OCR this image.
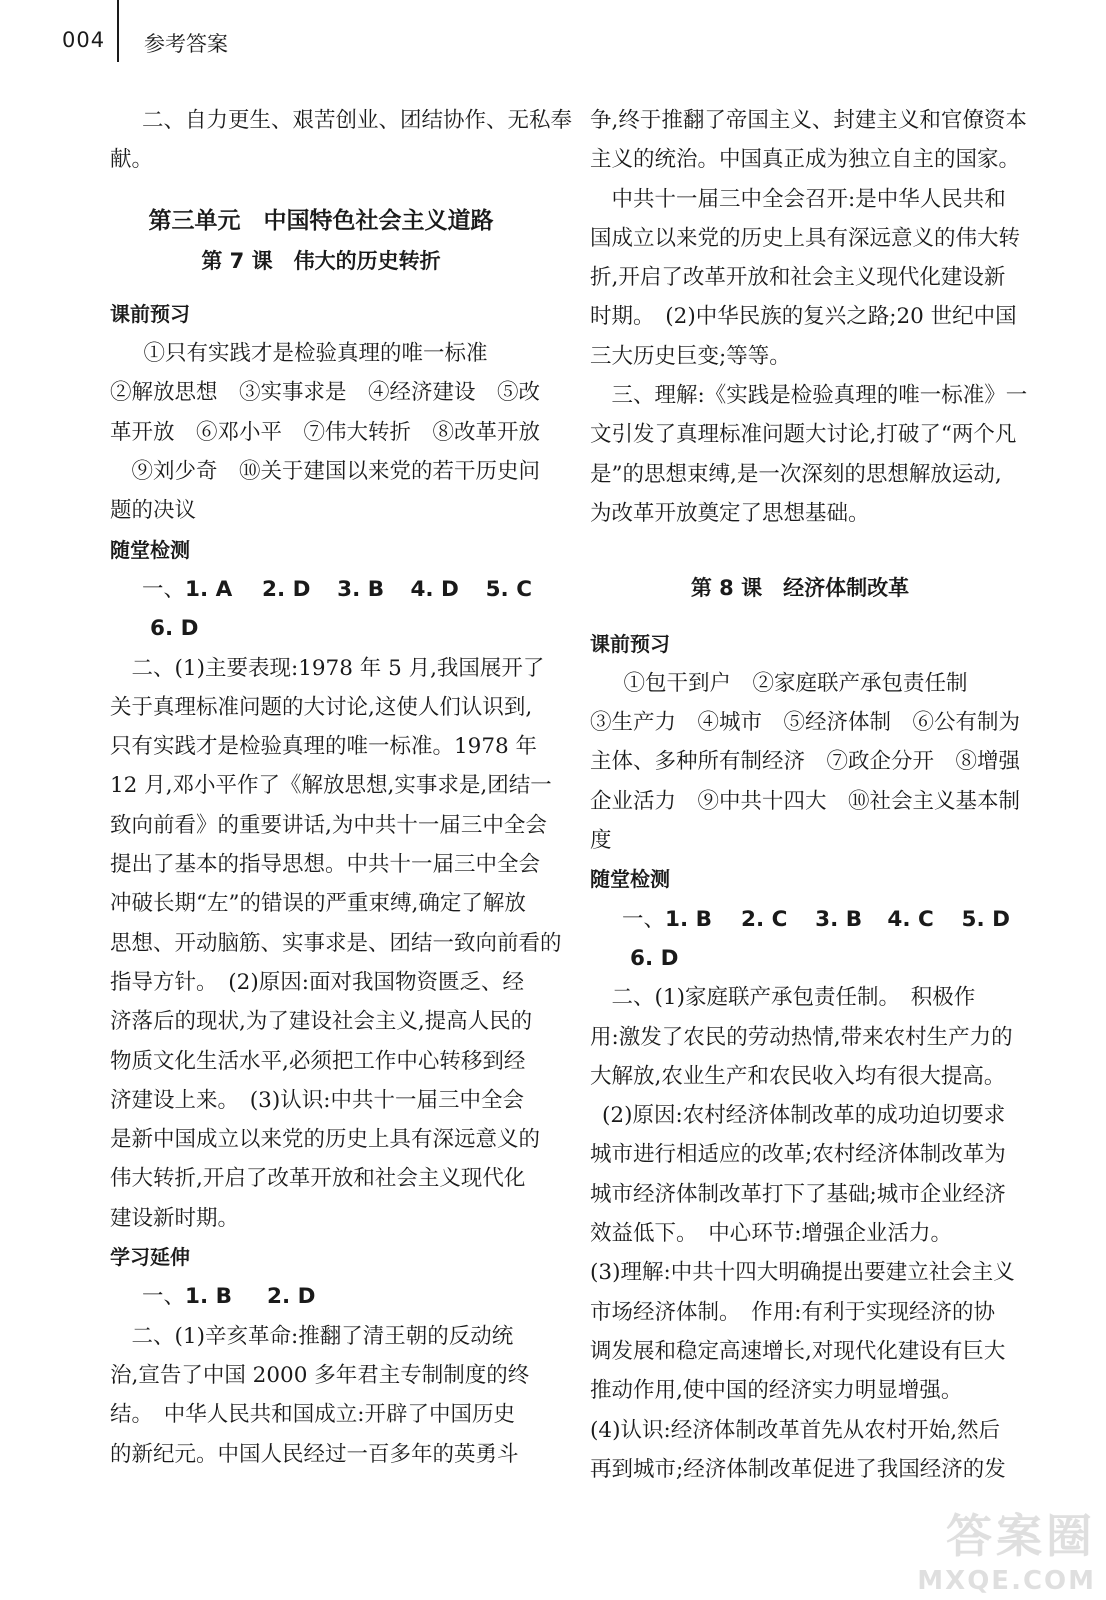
004 参考答案
二、自力更生、艰苦创业、团结协作、无私奉
献。
第三单元　中国特色社会主义道路
第 7 课　伟大的历史转折
课前预习
　①只有实践才是检验真理的唯一标准
②解放思想　③实事求是　④经济建设　⑤改
革开放　⑥邓小平　⑦伟大转折　⑧改革开放
　⑨刘少奇　⑩关于建国以来党的若干历史问
题的决议
随堂检测
一、 1. A	2. D	3. B	4. D	5. C
6. D
　二、(1)主要表现:1978 年 5 月,我国展开了
关于真理标准问题的大讨论,这使人们认识到,
只有实践才是检验真理的唯一标准。1978 年
12 月,邓小平作了《解放思想,实事求是,团结一
致向前看》的重要讲话,为中共十一届三中全会
提出了基本的指导思想。中共十一届三中全会
冲破长期“左”的错误的严重束缚,确定了解放
思想、开动脑筋、实事求是、团结一致向前看的
指导方针。　(2)原因:面对我国物资匮乏、经
济落后的现状,为了建设社会主义,提高人民的
物质文化生活水平,必须把工作中心转移到经
济建设上来。　(3)认识:中共十一届三中全会
是新中国成立以来党的历史上具有深远意义的
伟大转折,开启了改革开放和社会主义现代化
建设新时期。
学习延伸
一、 1. B	2. D
　二、(1)辛亥革命:推翻了清王朝的反动统
治,宣告了中国 2000 多年君主专制制度的终
结。　中华人民共和国成立:开辟了中国历史
的新纪元。中国人民经过一百多年的英勇斗
争,终于推翻了帝国主义、封建主义和官僚资本
主义的统治。中国真正成为独立自主的国家。
　中共十一届三中全会召开:是中华人民共和
国成立以来党的历史上具有深远意义的伟大转
折,开启了改革开放和社会主义现代化建设新
时期。　(2)中华民族的复兴之路;20 世纪中国
三大历史巨变;等等。
　三、理解:《实践是检验真理的唯一标准》一
文引发了真理标准问题大讨论,打破了“两个凡
是”的思想束缚,是一次深刻的思想解放运动,
为改革开放奠定了思想基础。
第 8 课　经济体制改革
课前预习
　①包干到户　②家庭联产承包责任制
③生产力　④城市　⑤经济体制　⑥公有制为
主体、多种所有制经济　⑦政企分开　⑧增强
企业活力　⑨中共十四大　⑩社会主义基本制
度
随堂检测
一、 1. B	2. C	3. B	4. C	5. D
6. D
　二、(1)家庭联产承包责任制。　积极作
用:激发了农民的劳动热情,带来农村生产力的
大解放,农业生产和农民收入均有很大提高。
(2)原因:农村经济体制改革的成功迫切要求
城市进行相适应的改革;农村经济体制改革为
城市经济体制改革打下了基础;城市企业经济
效益低下。　中心环节:增强企业活力。
(3)理解:中共十四大明确提出要建立社会主义
市场经济体制。　作用:有利于实现经济的协
调发展和稳定高速增长,对现代化建设有巨大
推动作用,使中国的经济实力明显增强。
(4)认识:经济体制改革首先从农村开始,然后
再到城市;经济体制改革促进了我国经济的发
答案圈
MXQE.COM
